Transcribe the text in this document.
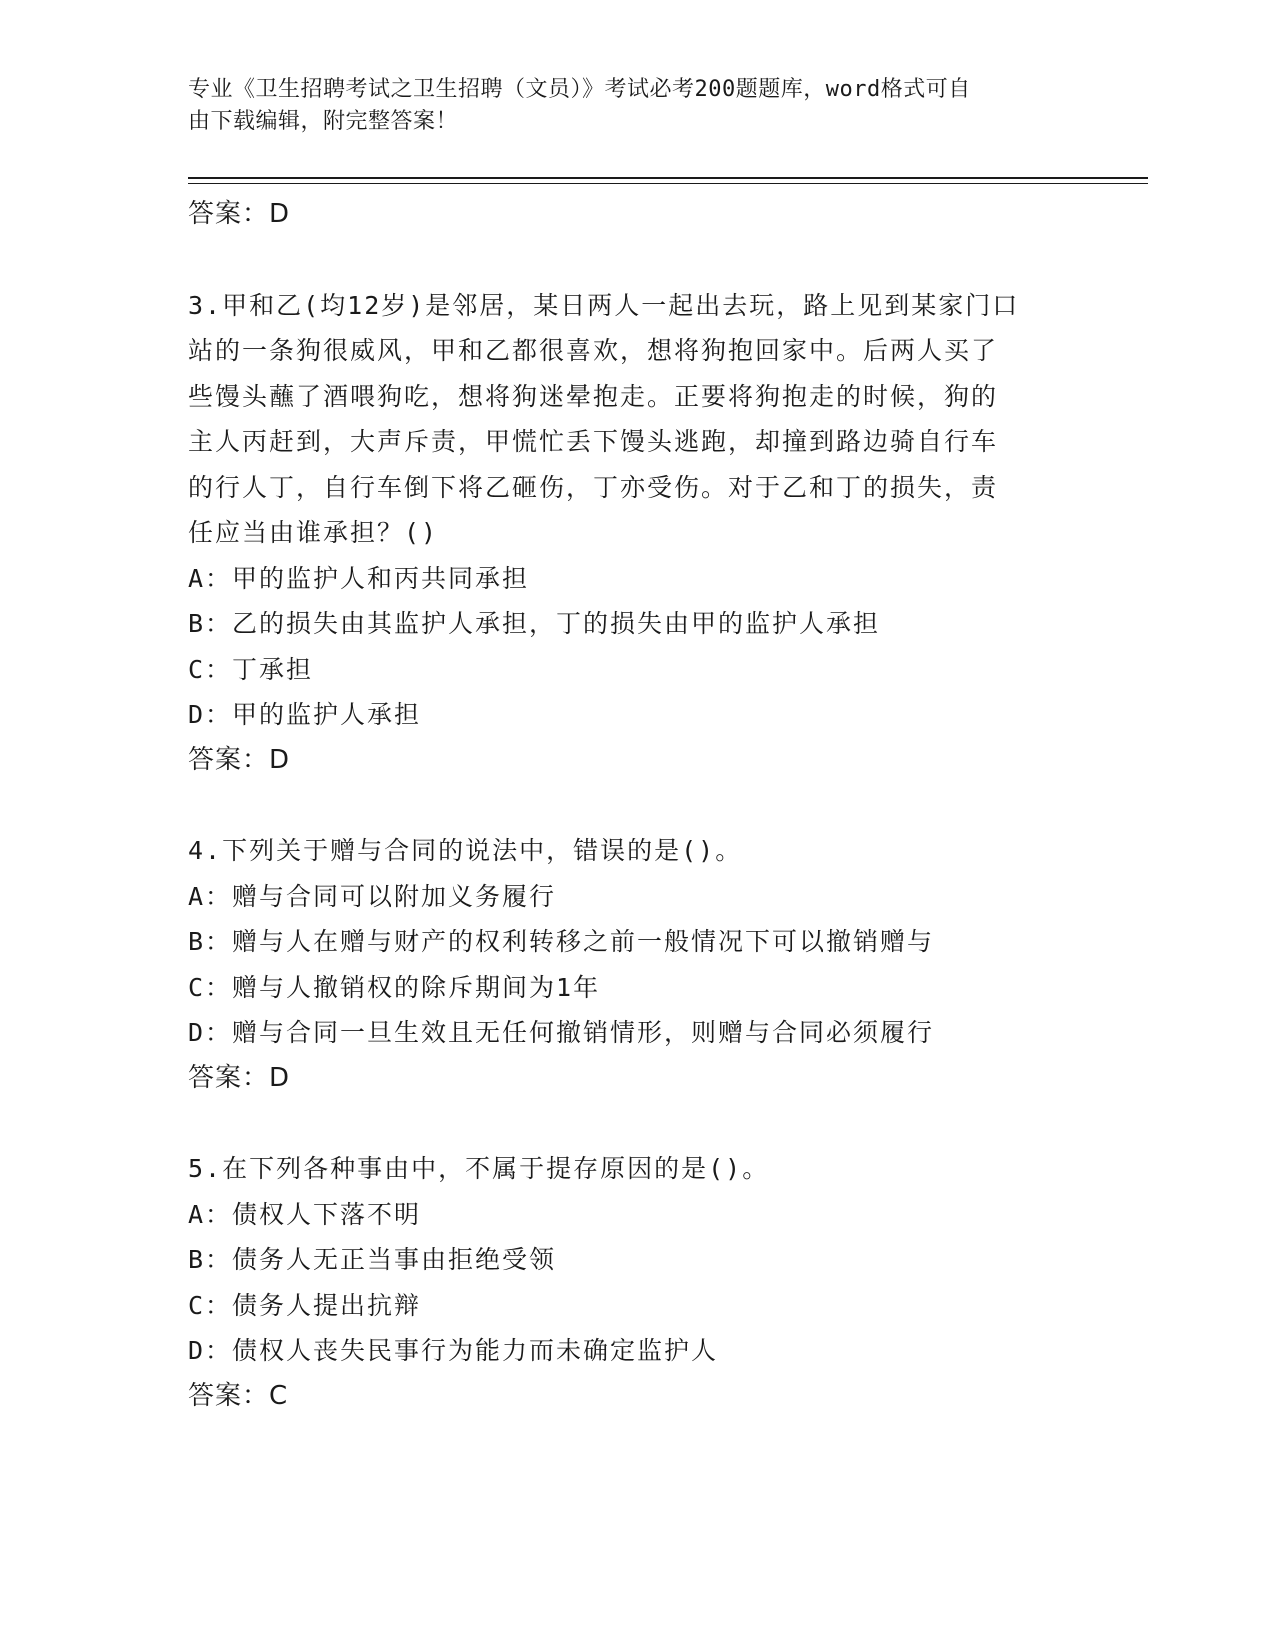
专业《卫生招聘考试之卫生招聘（文员）》考试必考200题题库，word格式可自
由下载编辑，附完整答案！
答案：D
3.甲和乙(均12岁)是邻居，某日两人一起出去玩，路上见到某家门口
站的一条狗很威风，甲和乙都很喜欢，想将狗抱回家中。后两人买了
些馒头蘸了酒喂狗吃，想将狗迷晕抱走。正要将狗抱走的时候，狗的
主人丙赶到，大声斥责，甲慌忙丢下馒头逃跑，却撞到路边骑自行车
的行人丁，自行车倒下将乙砸伤，丁亦受伤。对于乙和丁的损失，责
任应当由谁承担？()
A：甲的监护人和丙共同承担
B：乙的损失由其监护人承担，丁的损失由甲的监护人承担
C：丁承担
D：甲的监护人承担
答案：D
4.下列关于赠与合同的说法中，错误的是()。
A：赠与合同可以附加义务履行
B：赠与人在赠与财产的权利转移之前一般情况下可以撤销赠与
C：赠与人撤销权的除斥期间为1年
D：赠与合同一旦生效且无任何撤销情形，则赠与合同必须履行
答案：D
5.在下列各种事由中，不属于提存原因的是()。
A：债权人下落不明
B：债务人无正当事由拒绝受领
C：债务人提出抗辩
D：债权人丧失民事行为能力而未确定监护人
答案：C
